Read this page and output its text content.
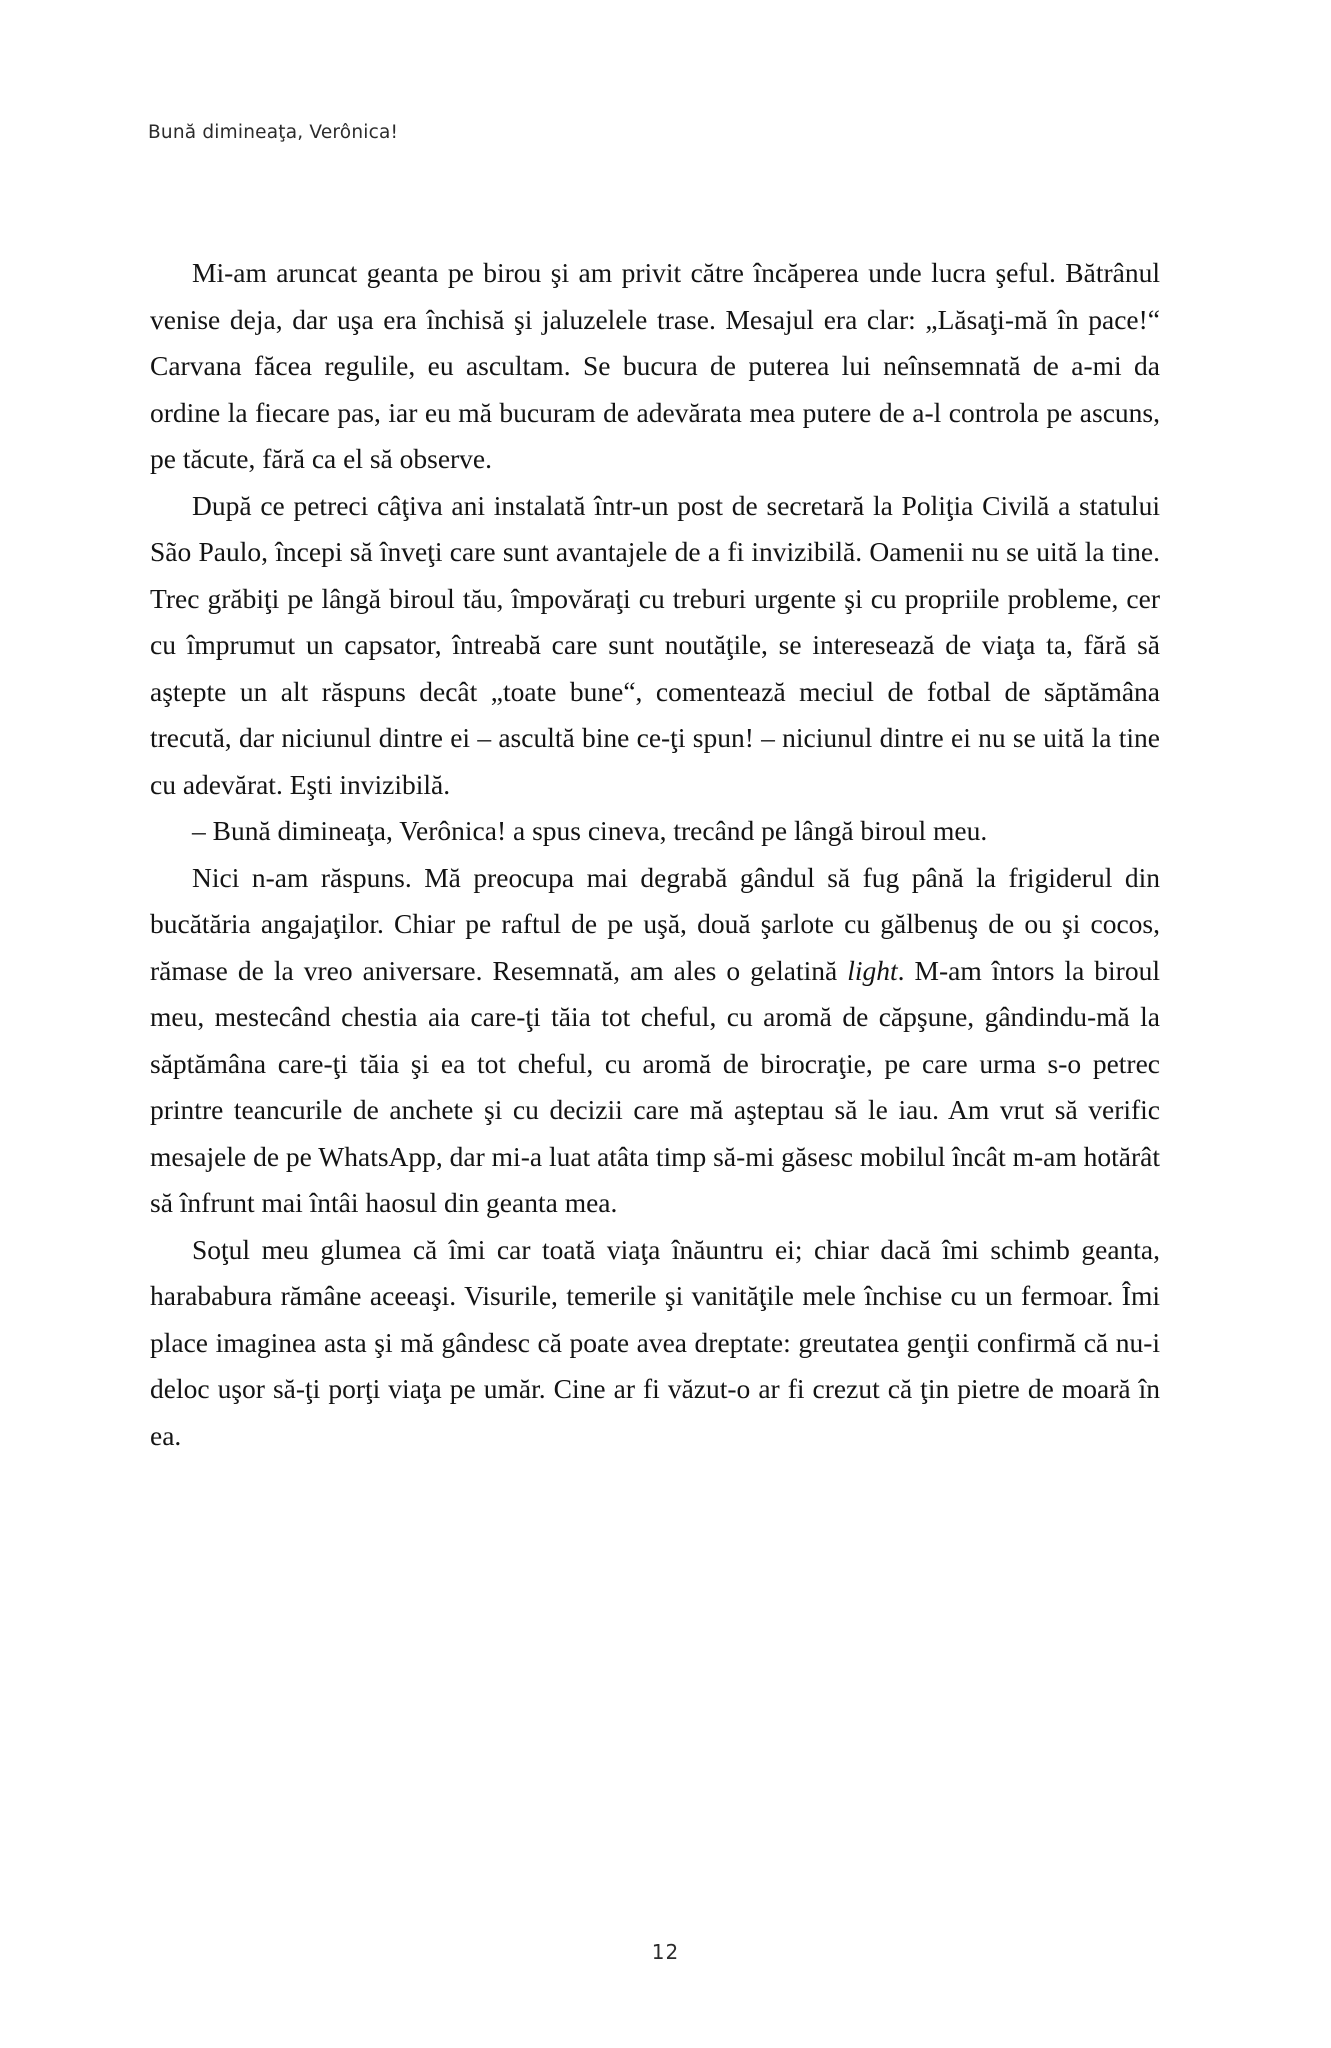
Bună dimineaţa, Verônica!

Mi-am aruncat geanta pe birou şi am privit către încăperea unde lucra şeful. Bătrânul venise deja, dar uşa era închisă şi jaluzelele trase. Mesajul era clar: „Lăsaţi-mă în pace!“ Carvana făcea regulile, eu ascultam. Se bucura de puterea lui neînsemnată de a-mi da ordine la fiecare pas, iar eu mă bucuram de adevărata mea putere de a-l controla pe ascuns, pe tăcute, fără ca el să observe.

După ce petreci câţiva ani instalată într-un post de secretară la Poliţia Civilă a statului São Paulo, începi să înveţi care sunt avantajele de a fi invizibilă. Oamenii nu se uită la tine. Trec grăbiţi pe lângă biroul tău, împovăraţi cu treburi urgente şi cu propriile probleme, cer cu împrumut un capsator, întreabă care sunt noutăţile, se interesează de viaţa ta, fără să aştepte un alt răspuns decât „toate bune“, comentează meciul de fotbal de săptămâna trecută, dar niciunul dintre ei – ascultă bine ce-ţi spun! – niciunul dintre ei nu se uită la tine cu adevărat. Eşti invizibilă.

– Bună dimineaţa, Verônica! a spus cineva, trecând pe lângă biroul meu.

Nici n-am răspuns. Mă preocupa mai degrabă gândul să fug până la frigiderul din bucătăria angajaţilor. Chiar pe raftul de pe uşă, două şarlote cu gălbenuş de ou şi cocos, rămase de la vreo aniversare. Resemnată, am ales o gelatină light. M-am întors la biroul meu, mestecând chestia aia care-ţi tăia tot cheful, cu aromă de căpşune, gândindu-mă la săptămâna care-ţi tăia şi ea tot cheful, cu aromă de birocraţie, pe care urma s-o petrec printre teancurile de anchete şi cu decizii care mă aşteptau să le iau. Am vrut să verific mesajele de pe WhatsApp, dar mi-a luat atâta timp să-mi găsesc mobilul încât m-am hotărât să înfrunt mai întâi haosul din geanta mea.

Soţul meu glumea că îmi car toată viaţa înăuntru ei; chiar dacă îmi schimb geanta, harababura rămâne aceeaşi. Visurile, temerile şi vanităţile mele închise cu un fermoar. Îmi place imaginea asta şi mă gândesc că poate avea dreptate: greutatea genţii confirmă că nu-i deloc uşor să-ţi porţi viaţa pe umăr. Cine ar fi văzut-o ar fi crezut că ţin pietre de moară în ea.

12
